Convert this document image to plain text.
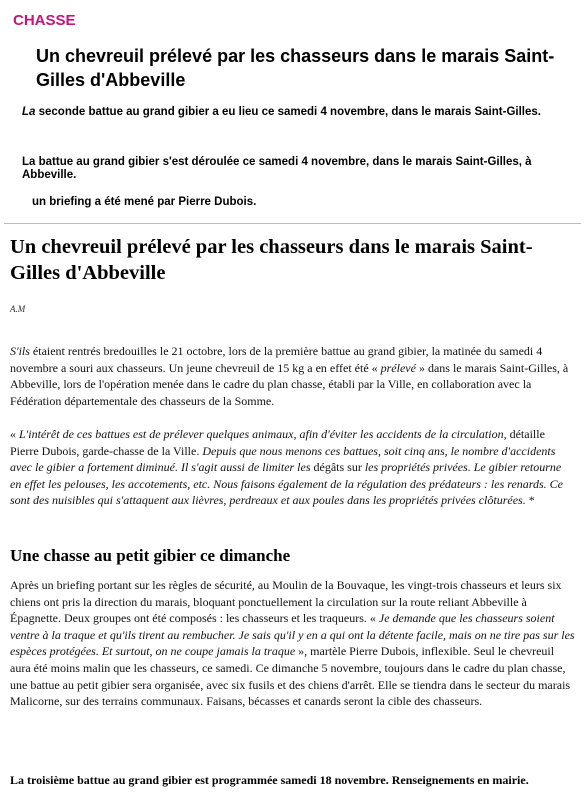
CHASSE
Un chevreuil prélevé par les chasseurs dans le marais Saint-Gilles d'Abbeville
La seconde battue au grand gibier a eu lieu ce samedi 4 novembre, dans le marais Saint-Gilles.
La battue au grand gibier s'est déroulée ce samedi 4 novembre, dans le marais Saint-Gilles, à Abbeville.
un briefing a été mené par Pierre Dubois.
Un chevreuil prélevé par les chasseurs dans le marais Saint-Gilles d'Abbeville
A.M

S'ils étaient rentrés bredouilles le 21 octobre, lors de la première battue au grand gibier, la matinée du samedi 4 novembre a souri aux chasseurs. Un jeune chevreuil de 15 kg a en effet été « prélevé » dans le marais Saint-Gilles, à Abbeville, lors de l'opération menée dans le cadre du plan chasse, établi par la Ville, en collaboration avec la Fédération départementale des chasseurs de la Somme.

« L'intérêt de ces battues est de prélever quelques animaux, afin d'éviter les accidents de la circulation, détaille Pierre Dubois, garde-chasse de la Ville. Depuis que nous menons ces battues, soit cinq ans, le nombre d'accidents avec le gibier a fortement diminué. Il s'agit aussi de limiter les dégâts sur les propriétés privées. Le gibier retourne en effet les pelouses, les accotements, etc. Nous faisons également de la régulation des prédateurs : les renards. Ce sont des nuisibles qui s'attaquent aux lièvres, perdreaux et aux poules dans les propriétés privées clôturées. *

Une chasse au petit gibier ce dimanche

Après un briefing portant sur les règles de sécurité, au Moulin de la Bouvaque, les vingt-trois chasseurs et leurs six chiens ont pris la direction du marais, bloquant ponctuellement la circulation sur la route reliant Abbeville à Épagnette. Deux groupes ont été composés : les chasseurs et les traqueurs. « Je demande que les chasseurs soient ventre à la traque et qu'ils tirent au rembucher. Je sais qu'il y en a qui ont la détente facile, mais on ne tire pas sur les espèces protégées. Et surtout, on ne coupe jamais la traque », martèle Pierre Dubois, inflexible. Seul le chevreuil aura été moins malin que les chasseurs, ce samedi. Ce dimanche 5 novembre, toujours dans le cadre du plan chasse, une battue au petit gibier sera organisée, avec six fusils et des chiens d'arrêt. Elle se tiendra dans le secteur du marais Malicorne, sur des terrains communaux. Faisans, bécasses et canards seront la cible des chasseurs.

La troisième battue au grand gibier est programmée samedi 18 novembre. Renseignements en mairie.
